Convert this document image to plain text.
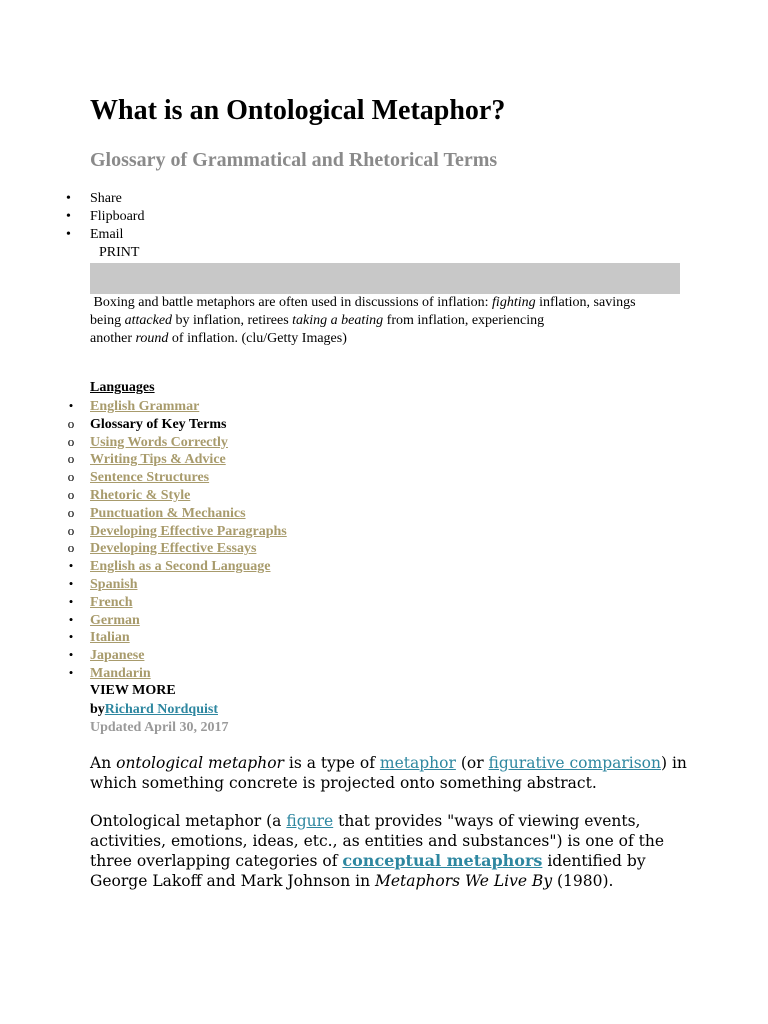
What is an Ontological Metaphor?
Glossary of Grammatical and Rhetorical Terms
• Share
• Flipboard
• Email
PRINT

Boxing and battle metaphors are often used in discussions of inflation: fighting inflation, savings

being attacked by inflation, retirees taking a beating from inflation, experiencing

another round of inflation. (clu/Getty Images)

Languages
•	English Grammar
o Glossary of Key Terms
o Using Words Correctly
o Writing Tips & Advice
o Sentence Structures
o Rhetoric & Style
o Punctuation & Mechanics
o Developing Effective Paragraphs
o Developing Effective Essays
•	English as a Second Language
•	Spanish
•	French
•	German
•	Italian
•	Japanese
•	Mandarin
VIEW MORE
byRichard Nordquist
Updated April 30, 2017

An ontological metaphor is a type of metaphor (or figurative comparison) in which something concrete is projected onto something abstract.

Ontological metaphor (a figure that provides "ways of viewing events, activities, emotions, ideas, etc., as entities and substances") is one of the three overlapping categories of conceptual metaphors identified by George Lakoff and Mark Johnson in Metaphors We Live By (1980).
